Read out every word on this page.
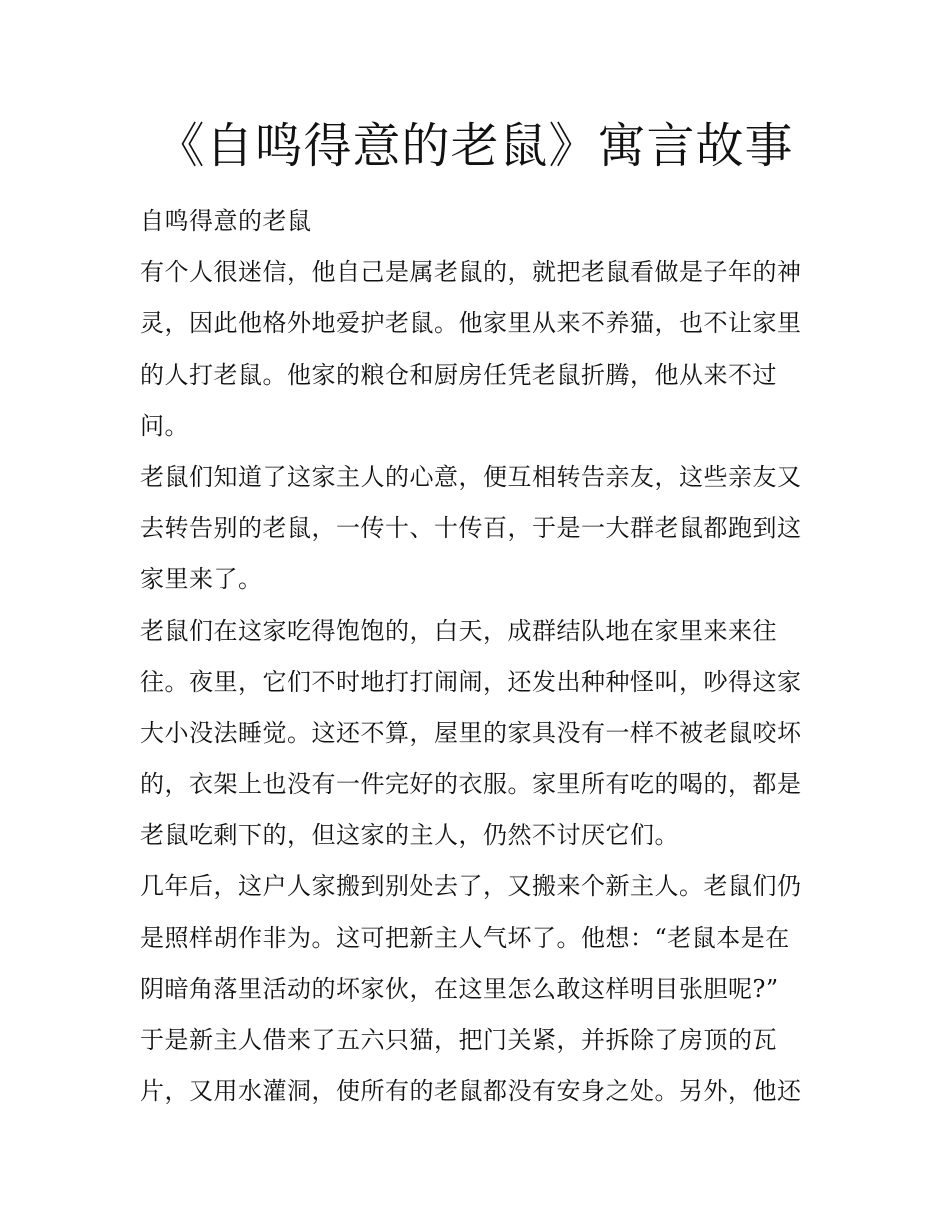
《自鸣得意的老鼠》寓言故事
自鸣得意的老鼠
有个人很迷信，他自己是属老鼠的，就把老鼠看做是子年的神
灵，因此他格外地爱护老鼠。他家里从来不养猫，也不让家里
的人打老鼠。他家的粮仓和厨房任凭老鼠折腾，他从来不过
问。
老鼠们知道了这家主人的心意，便互相转告亲友，这些亲友又
去转告别的老鼠，一传十、十传百，于是一大群老鼠都跑到这
家里来了。
老鼠们在这家吃得饱饱的，白天，成群结队地在家里来来往
往。夜里，它们不时地打打闹闹，还发出种种怪叫，吵得这家
大小没法睡觉。这还不算，屋里的家具没有一样不被老鼠咬坏
的，衣架上也没有一件完好的衣服。家里所有吃的喝的，都是
老鼠吃剩下的，但这家的主人，仍然不讨厌它们。
几年后，这户人家搬到别处去了，又搬来个新主人。老鼠们仍
是照样胡作非为。这可把新主人气坏了。他想：“老鼠本是在
阴暗角落里活动的坏家伙，在这里怎么敢这样明目张胆呢?”
于是新主人借来了五六只猫，把门关紧，并拆除了房顶的瓦
片，又用水灌洞，使所有的老鼠都没有安身之处。另外，他还
